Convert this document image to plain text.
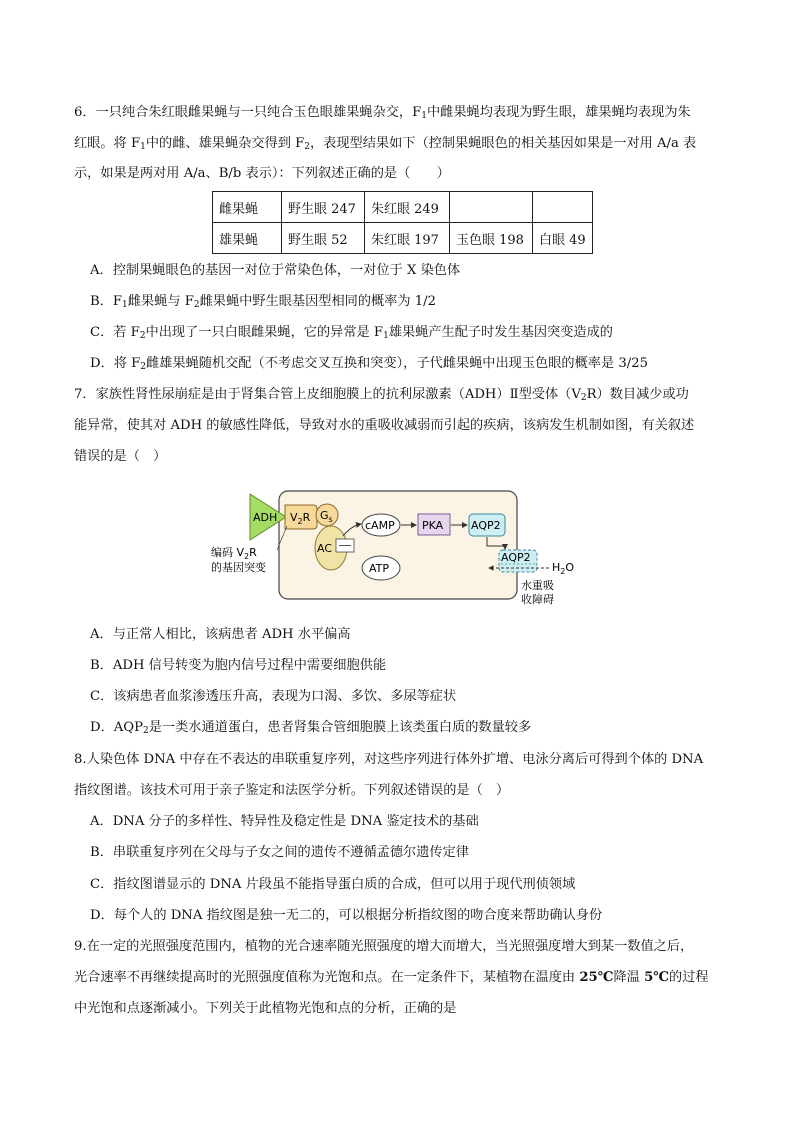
6．一只纯合朱红眼雌果蝇与一只纯合玉色眼雄果蝇杂交，$F_1$中雌果蝇均表现为野生眼，雄果蝇均表现为朱
红眼。将 $F_1$中的雌、雄果蝇杂交得到 $F_2$，表现型结果如下（控制果蝇眼色的相关基因如果是一对用 A/a 表
示，如果是两对用 A/a、B/b 表示）：下列叙述正确的是（　　）
雌果蝇	野生眼 247	朱红眼 249		
雄果蝇	野生眼 52	朱红眼 197	玉色眼 198	白眼 49
A．控制果蝇眼色的基因一对位于常染色体，一对位于 X 染色体
B．$F_1$雌果蝇与 $F_2$雌果蝇中野生眼基因型相同的概率为 1/2
C．若 $F_2$中出现了一只白眼雌果蝇，它的异常是 $F_1$雄果蝇产生配子时发生基因突变造成的
D．将 $F_2$雌雄果蝇随机交配（不考虑交叉互换和突变），子代雌果蝇中出现玉色眼的概率是 3/25
7．家族性肾性尿崩症是由于肾集合管上皮细胞膜上的抗利尿激素（ADH）Ⅱ型受体$(V_2R)$数目减少或功
能异常，使其对 ADH 的敏感性降低，导致对水的重吸收减弱而引起的疾病，该病发生机制如图，有关叙述
错误的是（　）
ADH $V_2R$ $G_s$
AC
cAMP PKA	AQP2
AQP2
$H_2O$
ATP
编码 $V_2R$
的基因突变
水重吸
收障碍
A．与正常人相比，该病患者 ADH 水平偏高
B．ADH 信号转变为胞内信号过程中需要细胞供能
C．该病患者血浆渗透压升高，表现为口渴、多饮、多尿等症状
D．$AQP_2$是一类水通道蛋白，患者肾集合管细胞膜上该类蛋白质的数量较多
8.人染色体 DNA 中存在不表达的串联重复序列，对这些序列进行体外扩增、电泳分离后可得到个体的 DNA
指纹图谱。该技术可用于亲子鉴定和法医学分析。下列叙述错误的是（　）
A．DNA 分子的多样性、特异性及稳定性是 DNA 鉴定技术的基础
B．串联重复序列在父母与子女之间的遗传不遵循孟德尔遗传定律
C．指纹图谱显示的 DNA 片段虽不能指导蛋白质的合成，但可以用于现代刑侦领域
D．每个人的 DNA 指纹图是独一无二的，可以根据分析指纹图的吻合度来帮助确认身份
9.在一定的光照强度范围内，植物的光合速率随光照强度的增大而增大，当光照强度增大到某一数值之后，
光合速率不再继续提高时的光照强度值称为光饱和点。在一定条件下，某植物在温度由 25℃降温 5℃的过程
中光饱和点逐渐减小。下列关于此植物光饱和点的分析，正确的是
